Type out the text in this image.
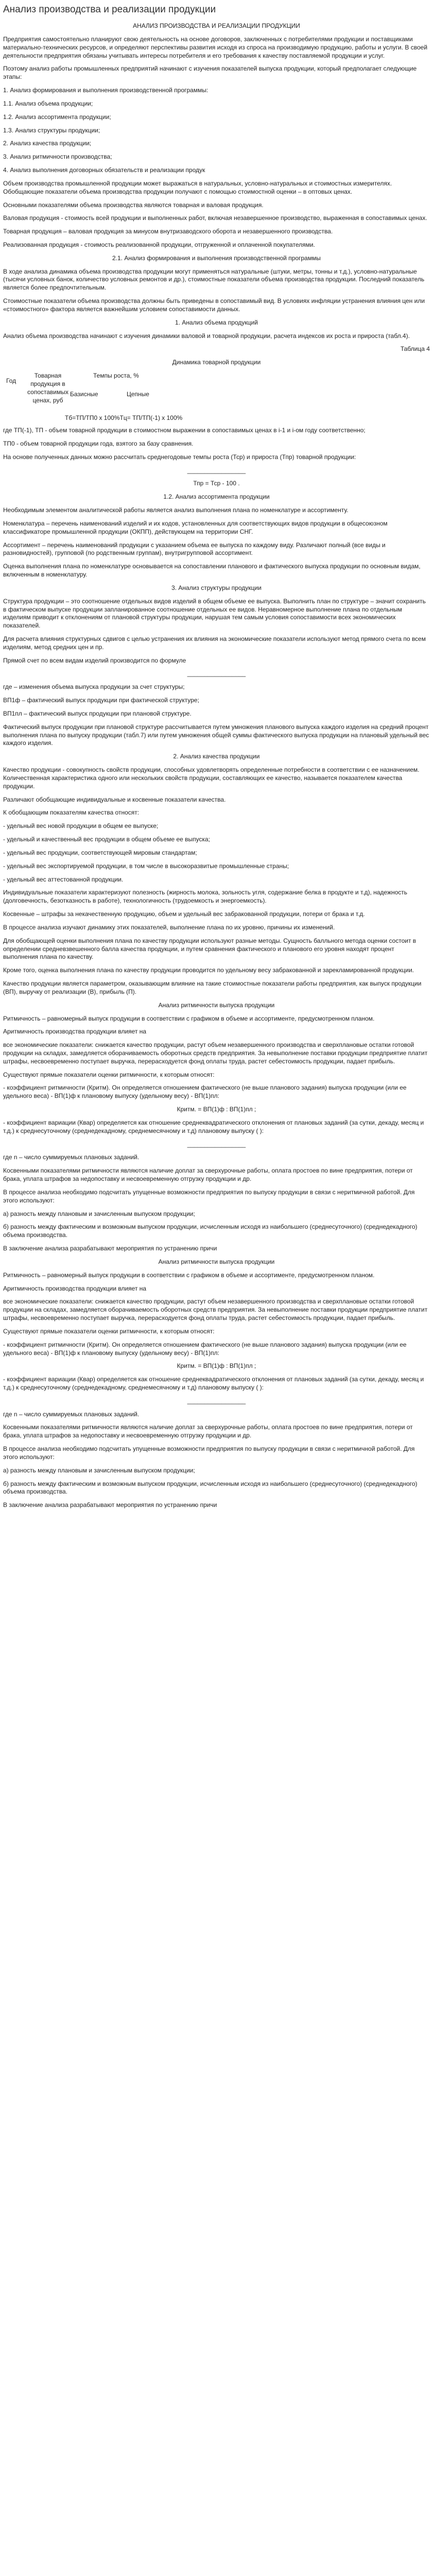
Анализ производства и реализации продукции

АНАЛИЗ ПРОИЗВОДСТВА И РЕАЛИЗАЦИИ ПРОДУКЦИИ

Предприятия самостоятельно планируют свою деятельность на основе договоров, заключенных с потребителями продукции и поставщиками материально-технических ресурсов, и определяют перспективы развития исходя из спроса на производимую продукцию, работы и услуги. В своей деятельности предприятия обязаны учитывать интересы потребителя и его требования к качеству поставляемой продукции и услуг.

Поэтому анализ работы промышленных предприятий начинают с изучения показателей выпуска продукции, который предполагает следующие этапы:

1. Анализ формирования и выполнения производственной программы:

1.1. Анализ объема продукции;

1.2. Анализ ассортимента продукции;

1.3. Анализ структуры продукции;

2. Анализ качества продукции;

3. Анализ ритмичности производства;

4. Анализ выполнения договорных обязательств и реализации продук

Объем производства промышленной продукции может выражаться в натуральных, условно-натуральных и стоимостных измерителях. Обобщающие показатели объема производства продукции получают с помощью стоимостной оценки – в оптовых ценах.

Основными показателями объема производства являются товарная и валовая продукция.

Валовая продукция - стоимость всей продукции и выполненных работ, включая незавершенное производство, выраженная в сопоставимых ценах.

Товарная продукция – валовая продукция за минусом внутризаводского оборота и незавершенного производства.

Реализованная продукция - стоимость реализованной продукции, отгруженной и оплаченной покупателями.

2.1. Анализ формирования и выполнения производственной программы

В ходе анализа динамика объема производства продукции могут применяться натуральные (штуки, метры, тонны и т.д.), условно-натуральные (тысячи условных банок, количество условных ремонтов и др.), стоимостные показатели объема производства продукции. Последний показатель является более предпочтительным.

Стоимостные показатели объема производства должны быть приведены в сопоставимый вид. В условиях инфляции устранения влияния цен или «стоимостного» фактора является важнейшим условием сопоставимости данных.

1. Анализ объема продукций

Анализ объема производства начинают с изучения динамики валовой и товарной продукции, расчета индексов их роста и прироста (табл.4).

Таблица 4

Динамика товарной продукции

Год
Товарная
продукция в
сопоставимых
ценах, руб
Темпы роста, %
Базисные	Цепные
Тб=ТП/ТП0 х 100%Тц= ТП/ТП(-1) х 100%

где ТП(-1), ТП - объем товарной продукции в стоимостном выражении в сопоставимых ценах в i-1 и i-ом году соответственно;

ТП0 - объем товарной продукции года, взятого за базу сравнения.

На основе полученных данных можно рассчитать среднегодовые темпы роста (Тср) и прироста (Тпр) товарной продукции:

_________________

Тпр = Тср - 100 .

1.2. Анализ ассортимента продукции

Необходимым элементом аналитической работы является анализ выполнения плана по номенклатуре и ассортименту.

Номенклатура – перечень наименований изделий и их кодов, установленных для соответствующих видов продукции в общесоюзном классификаторе промышленной продукции (ОКПП), действующем на территории СНГ.

Ассортимент – перечень наименований продукции с указанием объема ее выпуска по каждому виду. Различают полный (все виды и разновидностей), групповой (по родственным группам), внутригрупповой ассортимент.

Оценка выполнения плана по номенклатуре основывается на сопоставлении планового и фактического выпуска продукции по основным видам, включенным в номенклатуру.

3. Анализ структуры продукции

Структура продукции – это соотношение отдельных видов изделий в общем объеме ее выпуска. Выполнить план по структуре – значит сохранить в фактическом выпуске продукции запланированное соотношение отдельных ее видов. Неравномерное выполнение плана по отдельным изделиям приводит к отклонениям от плановой структуры продукции, нарушая тем самым условия сопоставимости всех экономических показателей.

Для расчета влияния структурных сдвигов с целью устранения их влияния на экономические показатели используют метод прямого счета по всем изделиям, метод средних цен и пр.

Прямой счет по всем видам изделий производится по формуле

_________________

где – изменения объема выпуска продукции за счет структуры;

ВП1ф – фактический выпуск продукции при фактической структуре;

ВП1пл – фактический выпуск продукции при плановой структуре.

Фактический выпуск продукции при плановой структуре рассчитывается путем умножения планового выпуска каждого изделия на средний процент выполнения плана по выпуску продукции (табл.7) или путем умножения общей суммы фактического выпуска продукции на плановый удельный вес каждого изделия.

2. Анализ качества продукции

Качество продукции - совокупность свойств продукции, способных удовлетворять определенные потребности в соответствии с ее назначением. Количественная характеристика одного или нескольких свойств продукции, составляющих ее качество, называется показателем качества продукции.

Различают обобщающие индивидуальные и косвенные показатели качества.

К обобщающим показателям качества относят:

- удельный вес новой продукции в общем ее выпуске;

- удельный и качественный вес продукции в общем объеме ее выпуска;

- удельный вес продукции, соответствующей мировым стандартам;

- удельный вес экспортируемой продукции, в том числе в высокоразвитые промышленные страны;

- удельный вес аттестованной продукции.

Индивидуальные показатели характеризуют полезность (жирность молока, зольность угля, содержание белка в продукте и т.д), надежность (долговечность, безотказность в работе), технологичность (трудоемкость и энергоемкость).

Косвенные – штрафы за некачественную продукцию, объем и удельный вес забракованной продукции, потери от брака и т.д.

В процессе анализа изучают динамику этих показателей, выполнение плана по их уровню, причины их изменений.

Для обобщающей оценки выполнения плана по качеству продукции используют разные методы. Сущность балльного метода оценки состоит в определении средневзвешенного балла качества продукции, и путем сравнения фактического и планового его уровня находят процент выполнения плана по качеству.

Кроме того, оценка выполнения плана по качеству продукции проводится по удельному весу забракованной и зарекламированной продукции.

Качество продукции является параметром, оказывающим влияние на такие стоимостные показатели работы предприятия, как выпуск продукции (ВП), выручку от реализации (В), прибыль (П).

Анализ ритмичности выпуска продукции

Ритмичность – равномерный выпуск продукции в соответствии с графиком в объеме и ассортименте, предусмотренном планом.

Аритмичность производства продукции влияет на

все экономические показатели: снижается качество продукции, растут объем незавершенного производства и сверхплановые остатки готовой продукции на складах, замедляется оборачиваемость оборотных средств предприятия. За невыполнение поставки продукции предприятие платит штрафы, несвоевременно поступает выручка, перерасходуется фонд оплаты труда, растет себестоимость продукции, падает прибыль.

Существуют прямые показатели оценки ритмичности, к которым относят:

- коэффициент ритмичности (Критм). Он определяется отношением фактического (не выше планового задания) выпуска продукции (или ее удельного веса) - ВП(1)ф к плановому выпуску (удельному весу) - ВП(1)пл:

Критм. = ВП(1)ф : ВП(1)пл ;

- коэффициент вариации (Квар) определяется как отношение среднеквадратического отклонения от плановых заданий (за сутки, декаду, месяц и т.д.) к среднесуточному (среднедекадному, среднемесячному и т.д) плановому выпуску ( ):

_________________

где n – число суммируемых плановых заданий.

Косвенными показателями ритмичности являются наличие доплат за сверхурочные работы, оплата простоев по вине предприятия, потери от брака, уплата штрафов за недопоставку и несвоевременную отгрузку продукции и др.

В процессе анализа необходимо подсчитать упущенные возможности предприятия по выпуску продукции в связи с неритмичной работой. Для этого используют:

а) разность между плановым и зачисленным выпуском продукции;

б) разность между фактическим и возможным выпуском продукции, исчисленным исходя из наибольшего (среднесуточного) (среднедекадного) объема производства.

В заключение анализа разрабатывают мероприятия по устранению причи

Анализ ритмичности выпуска продукции

Ритмичность – равномерный выпуск продукции в соответствии с графиком в объеме и ассортименте, предусмотренном планом.

Аритмичность производства продукции влияет на

все экономические показатели: снижается качество продукции, растут объем незавершенного производства и сверхплановые остатки готовой продукции на складах, замедляется оборачиваемость оборотных средств предприятия. За невыполнение поставки продукции предприятие платит штрафы, несвоевременно поступает выручка, перерасходуется фонд оплаты труда, растет себестоимость продукции, падает прибыль.

Существуют прямые показатели оценки ритмичности, к которым относят:

- коэффициент ритмичности (Критм). Он определяется отношением фактического (не выше планового задания) выпуска продукции (или ее удельного веса) - ВП(1)ф к плановому выпуску (удельному весу) - ВП(1)пл:

Критм. = ВП(1)ф : ВП(1)пл ;

- коэффициент вариации (Квар) определяется как отношение среднеквадратического отклонения от плановых заданий (за сутки, декаду, месяц и т.д.) к среднесуточному (среднедекадному, среднемесячному и т.д) плановому выпуску ( ):

_________________

где n – число суммируемых плановых заданий.

Косвенными показателями ритмичности являются наличие доплат за сверхурочные работы, оплата простоев по вине предприятия, потери от брака, уплата штрафов за недопоставку и несвоевременную отгрузку продукции и др.

В процессе анализа необходимо подсчитать упущенные возможности предприятия по выпуску продукции в связи с неритмичной работой. Для этого используют:

а) разность между плановым и зачисленным выпуском продукции;

б) разность между фактическим и возможным выпуском продукции, исчисленным исходя из наибольшего (среднесуточного) (среднедекадного) объема производства.

В заключение анализа разрабатывают мероприятия по устранению причи
